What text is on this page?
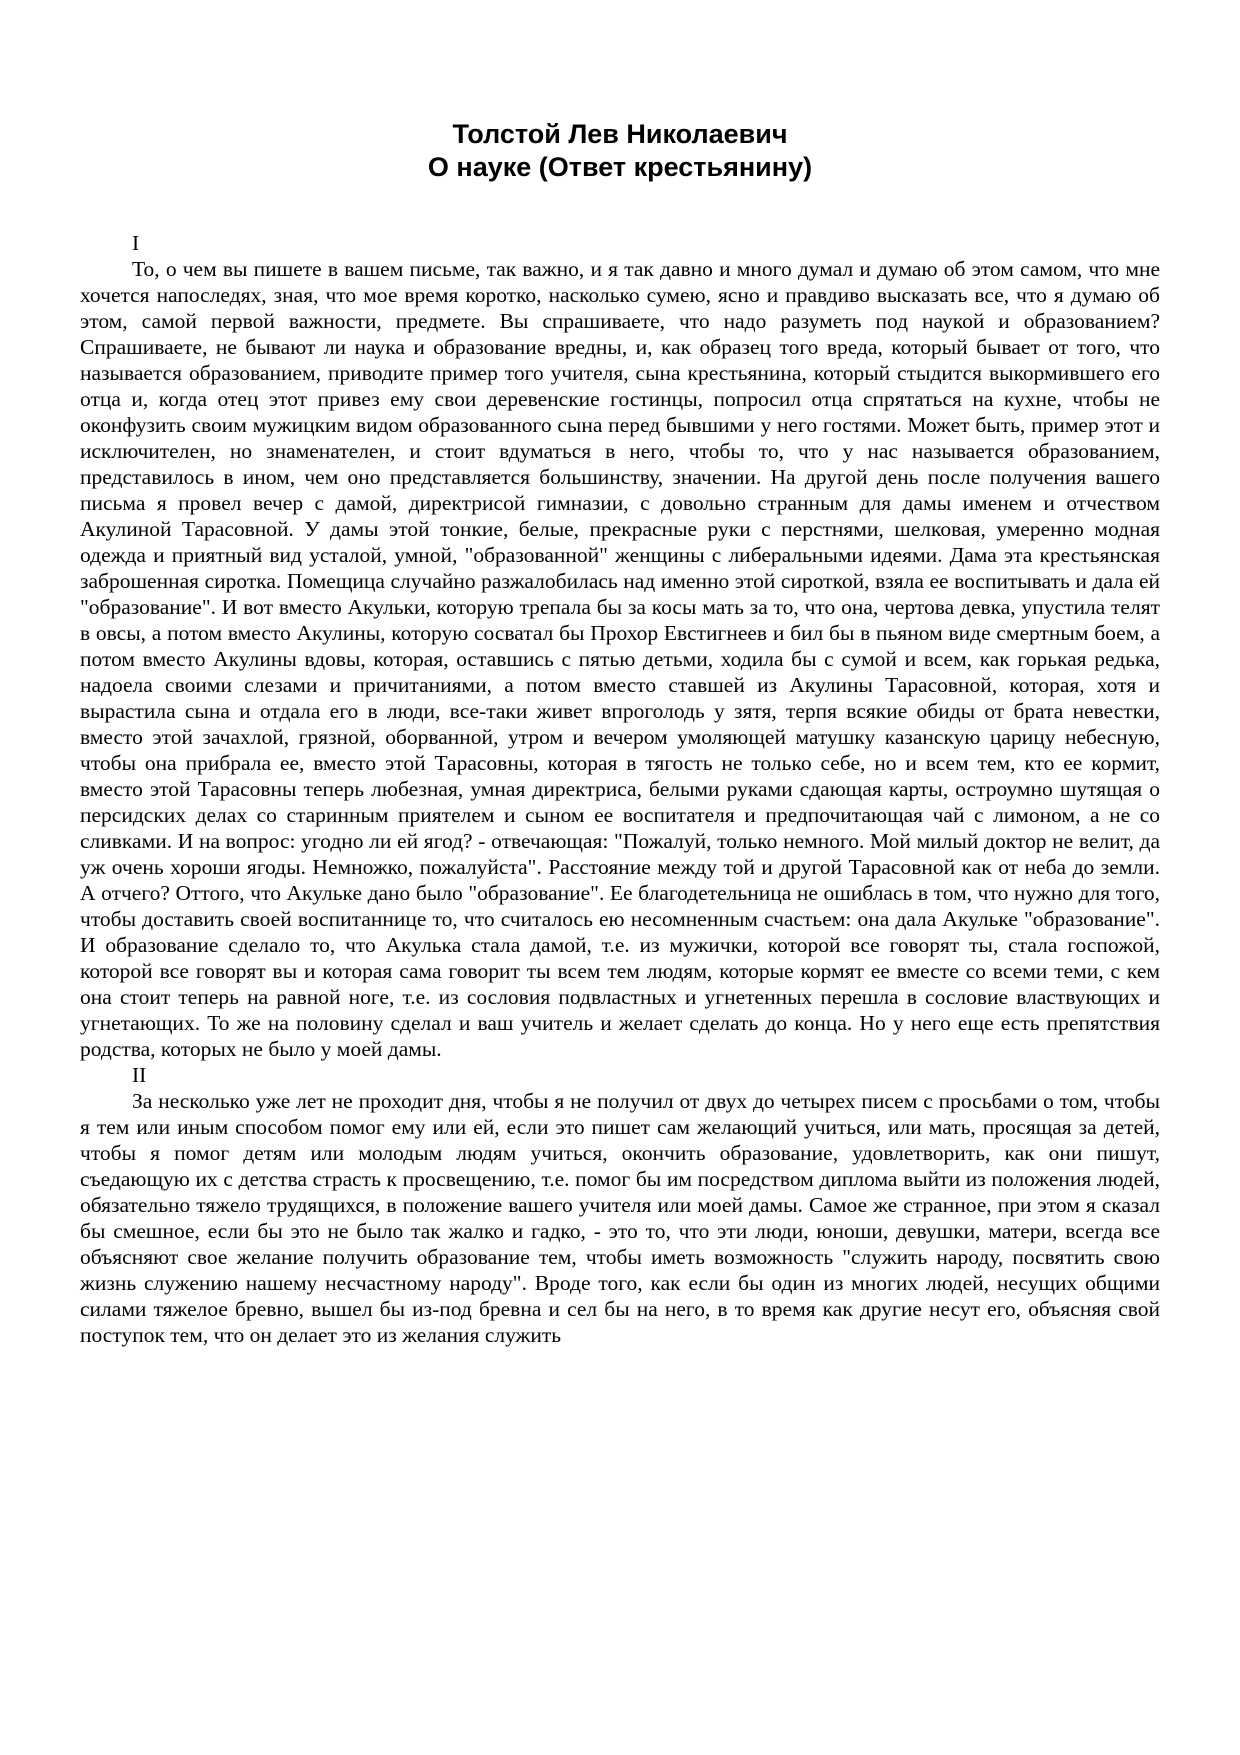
Толстой Лев Николаевич
О науке (Ответ крестьянину)
I

То, о чем вы пишете в вашем письме, так важно, и я так давно и много думал и думаю об этом самом, что мне хочется напоследях, зная, что мое время коротко, насколько сумею, ясно и правдиво высказать все, что я думаю об этом, самой первой важности, предмете. Вы спрашиваете, что надо разуметь под наукой и образованием? Спрашиваете, не бывают ли наука и образование вредны, и, как образец того вреда, который бывает от того, что называется образованием, приводите пример того учителя, сына крестьянина, который стыдится выкормившего его отца и, когда отец этот привез ему свои деревенские гостинцы, попросил отца спрятаться на кухне, чтобы не оконфузить своим мужицким видом образованного сына перед бывшими у него гостями. Может быть, пример этот и исключителен, но знаменателен, и стоит вдуматься в него, чтобы то, что у нас называется образованием, представилось в ином, чем оно представляется большинству, значении. На другой день после получения вашего письма я провел вечер с дамой, директрисой гимназии, с довольно странным для дамы именем и отчеством Акулиной Тарасовной. У дамы этой тонкие, белые, прекрасные руки с перстнями, шелковая, умеренно модная одежда и приятный вид усталой, умной, "образованной" женщины с либеральными идеями. Дама эта крестьянская заброшенная сиротка. Помещица случайно разжалобилась над именно этой сироткой, взяла ее воспитывать и дала ей "образование". И вот вместо Акульки, которую трепала бы за косы мать за то, что она, чертова девка, упустила телят в овсы, а потом вместо Акулины, которую сосватал бы Прохор Евстигнеев и бил бы в пьяном виде смертным боем, а потом вместо Акулины вдовы, которая, оставшись с пятью детьми, ходила бы с сумой и всем, как горькая редька, надоела своими слезами и причитаниями, а потом вместо ставшей из Акулины Тарасовной, которая, хотя и вырастила сына и отдала его в люди, все-таки живет впроголодь у зятя, терпя всякие обиды от брата невестки, вместо этой зачахлой, грязной, оборванной, утром и вечером умоляющей матушку казанскую царицу небесную, чтобы она прибрала ее, вместо этой Тарасовны, которая в тягость не только себе, но и всем тем, кто ее кормит, вместо этой Тарасовны теперь любезная, умная директриса, белыми руками сдающая карты, остроумно шутящая о персидских делах со старинным приятелем и сыном ее воспитателя и предпочитающая чай с лимоном, а не со сливками. И на вопрос: угодно ли ей ягод? - отвечающая: "Пожалуй, только немного. Мой милый доктор не велит, да уж очень хороши ягоды. Немножко, пожалуйста". Расстояние между той и другой Тарасовной как от неба до земли. А отчего? Оттого, что Акульке дано было "образование". Ее благодетельница не ошиблась в том, что нужно для того, чтобы доставить своей воспитаннице то, что считалось ею несомненным счастьем: она дала Акульке "образование". И образование сделало то, что Акулька стала дамой, т.е. из мужички, которой все говорят ты, стала госпожой, которой все говорят вы и которая сама говорит ты всем тем людям, которые кормят ее вместе со всеми теми, с кем она стоит теперь на равной ноге, т.е. из сословия подвластных и угнетенных перешла в сословие властвующих и угнетающих. То же на половину сделал и ваш учитель и желает сделать до конца. Но у него еще есть препятствия родства, которых не было у моей дамы.

II

За несколько уже лет не проходит дня, чтобы я не получил от двух до четырех писем с просьбами о том, чтобы я тем или иным способом помог ему или ей, если это пишет сам желающий учиться, или мать, просящая за детей, чтобы я помог детям или молодым людям учиться, окончить образование, удовлетворить, как они пишут, съедающую их с детства страсть к просвещению, т.е. помог бы им посредством диплома выйти из положения людей, обязательно тяжело трудящихся, в положение вашего учителя или моей дамы. Самое же странное, при этом я сказал бы смешное, если бы это не было так жалко и гадко, - это то, что эти люди, юноши, девушки, матери, всегда все объясняют свое желание получить образование тем, чтобы иметь возможность "служить народу, посвятить свою жизнь служению нашему несчастному народу". Вроде того, как если бы один из многих людей, несущих общими силами тяжелое бревно, вышел бы из-под бревна и сел бы на него, в то время как другие несут его, объясняя свой поступок тем, что он делает это из желания служить
